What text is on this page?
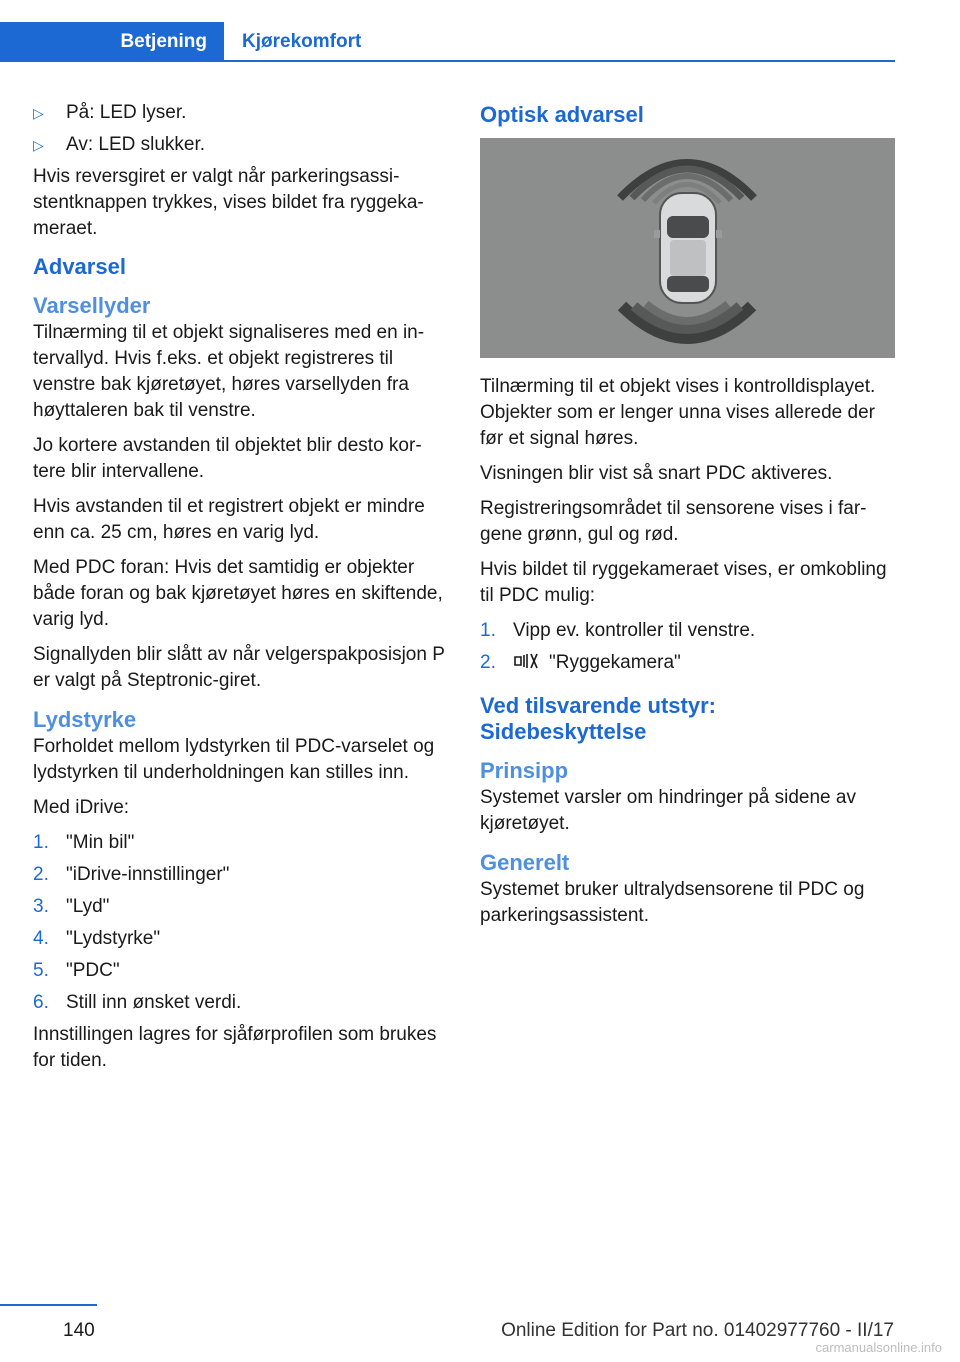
Betjening	Kjørekomfort
▷ På: LED lyser.
▷ Av: LED slukker.

Hvis reversgiret er valgt når parkeringsassistentknappen trykkes, vises bildet fra ryggekameraet.

Advarsel
Varsellyder

Tilnærming til et objekt signaliseres med en intervallyd. Hvis f.eks. et objekt registreres til venstre bak kjøretøyet, høres varsellyden fra høyttaleren bak til venstre.

Jo kortere avstanden til objektet blir desto kortere blir intervallene.

Hvis avstanden til et registrert objekt er mindre enn ca. 25 cm, høres en varig lyd.

Med PDC foran: Hvis det samtidig er objekter både foran og bak kjøretøyet høres en skiftende, varig lyd.

Signallyden blir slått av når velgerspakposisjon P er valgt på Steptronic-giret.

Lydstyrke

Forholdet mellom lydstyrken til PDC-varselet og lydstyrken til underholdningen kan stilles inn.

Med iDrive:

1. "Min bil"
2. "iDrive-innstillinger"
3. "Lyd"
4. "Lydstyrke"
5. "PDC"
6. Still inn ønsket verdi.

Innstillingen lagres for sjåførprofilen som brukes for tiden.

Optisk advarsel

Tilnærming til et objekt vises i kontrolldisplayet. Objekter som er lenger unna vises allerede der før et signal høres.

Visningen blir vist så snart PDC aktiveres.

Registreringsområdet til sensorene vises i fargene grønn, gul og rød.

Hvis bildet til ryggekameraet vises, er omkobling til PDC mulig:

1. Vipp ev. kontroller til venstre.
2.	"Ryggekamera"
Ved tilsvarende utstyr:
Sidebeskyttelse
Prinsipp

Systemet varsler om hindringer på sidene av kjøretøyet.

Generelt

Systemet bruker ultralydsensorene til PDC og parkeringsassistent.

140	Online Edition for Part no. 01402977760 - II/17
carmanualsonline.info
